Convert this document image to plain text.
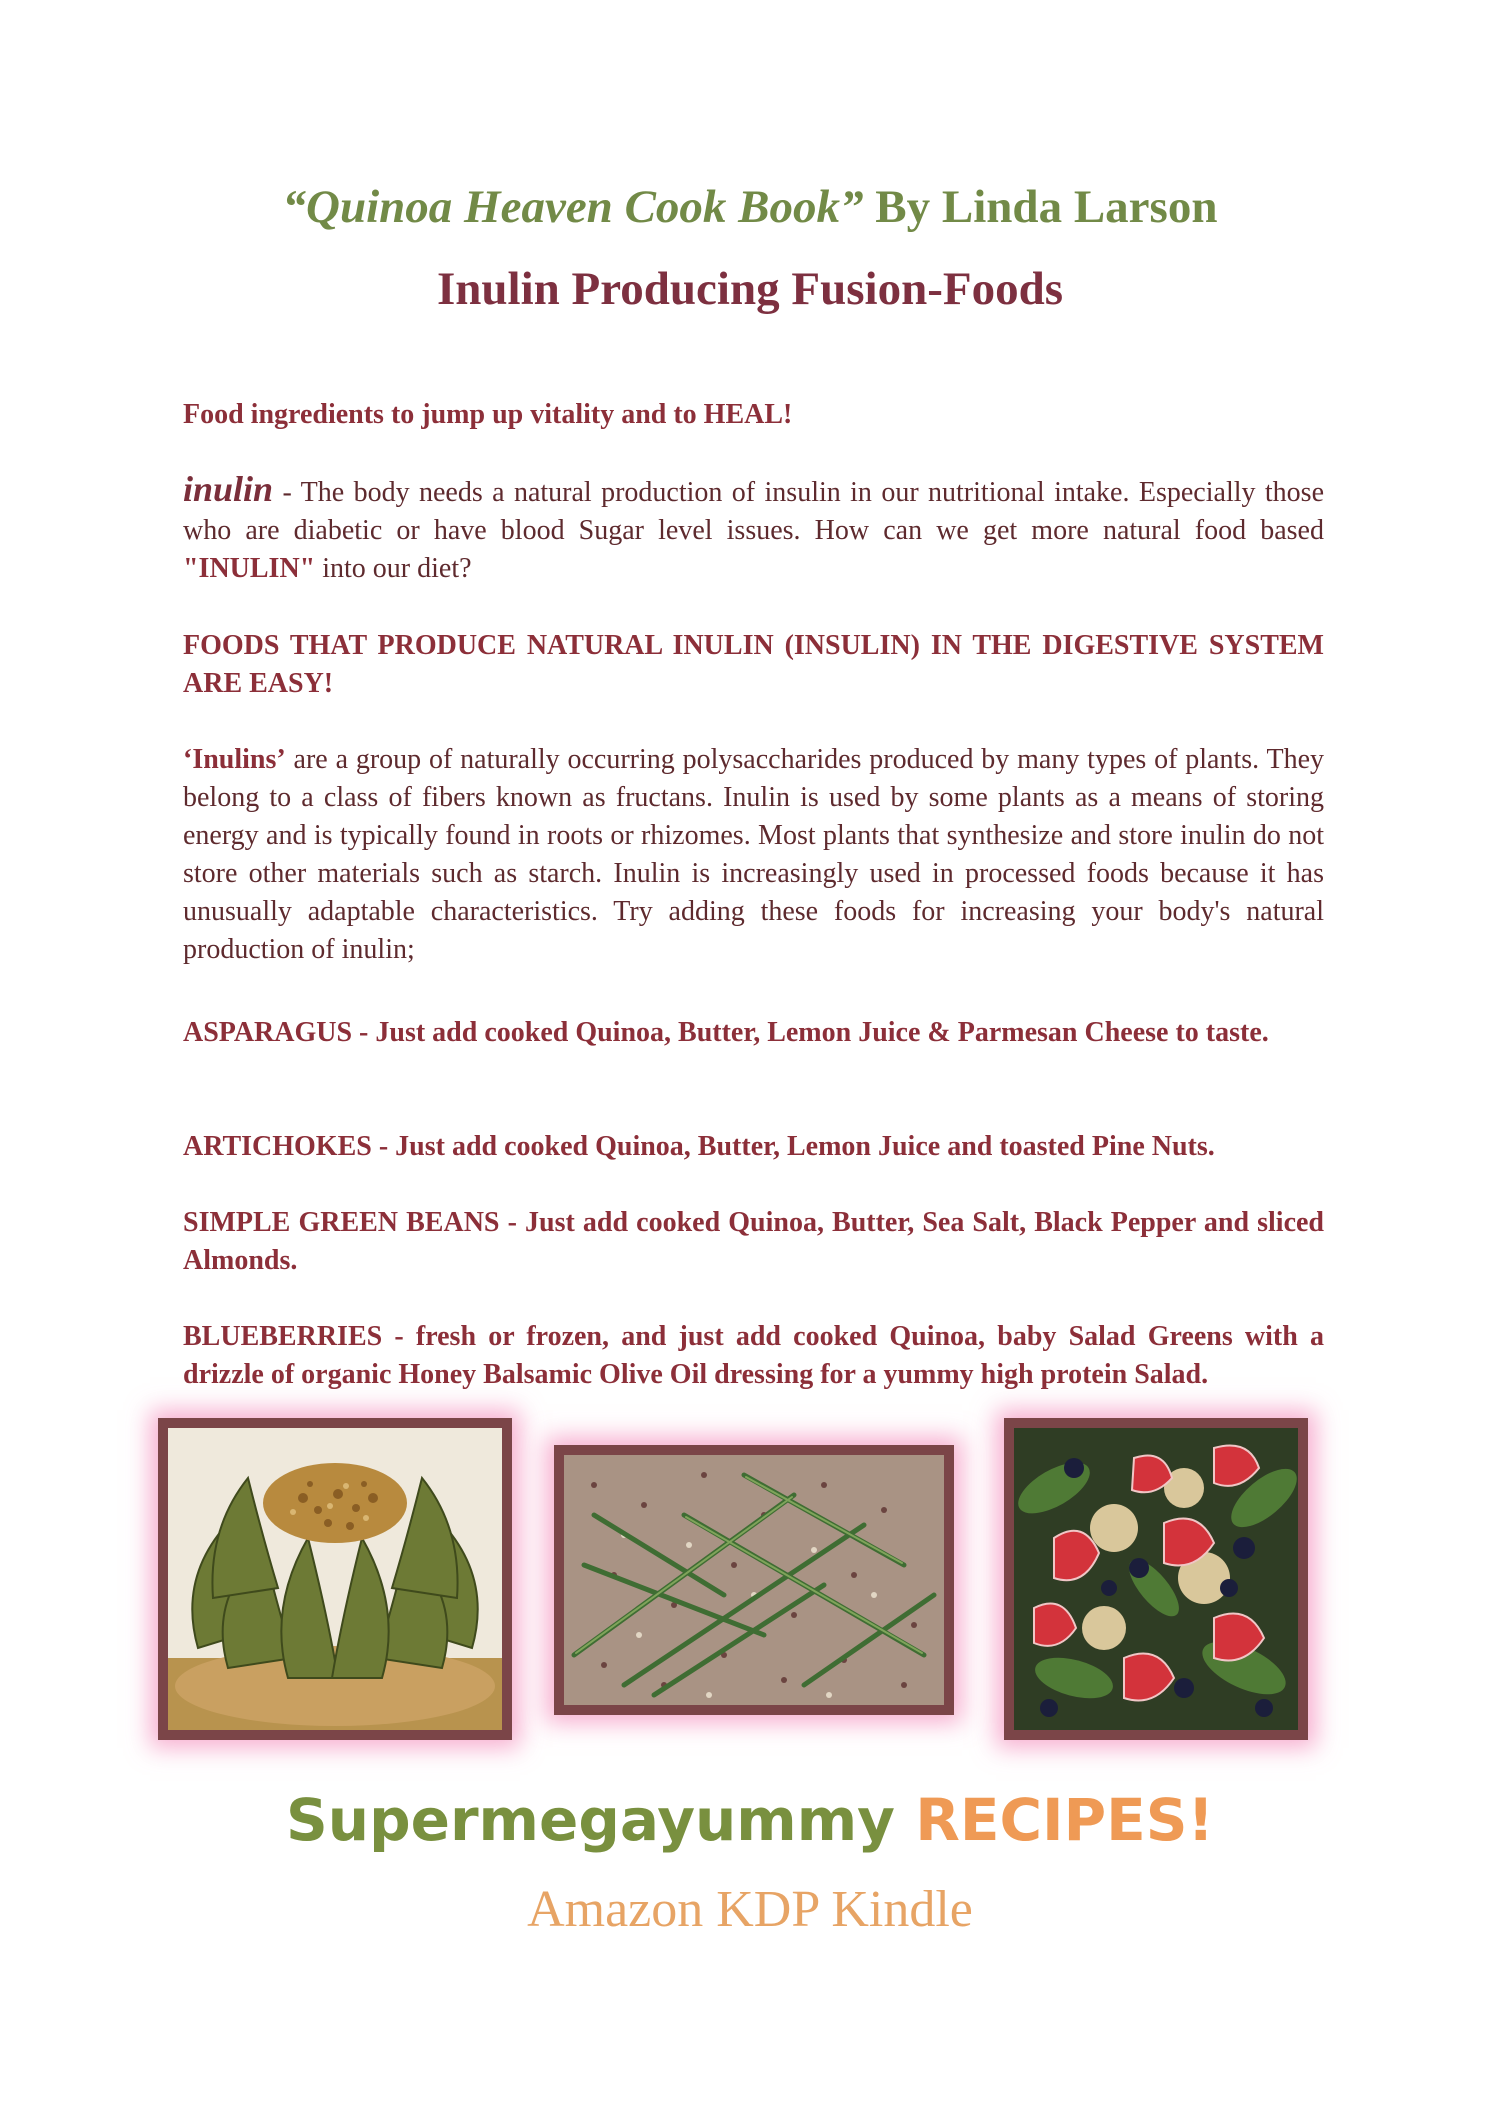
“Quinoa Heaven Cook Book” By Linda Larson

Inulin Producing Fusion-Foods

Food ingredients to jump up vitality and to HEAL!

inulin - The body needs a natural production of insulin in our nutritional intake. Especially those who are diabetic or have blood Sugar level issues. How can we get more natural food based "INULIN" into our diet?

FOODS THAT PRODUCE NATURAL INULIN (INSULIN) IN THE DIGESTIVE SYSTEM ARE EASY!

‘Inulins’ are a group of naturally occurring polysaccharides produced by many types of plants. They belong to a class of fibers known as fructans. Inulin is used by some plants as a means of storing energy and is typically found in roots or rhizomes. Most plants that synthesize and store inulin do not store other materials such as starch. Inulin is increasingly used in processed foods because it has unusually adaptable characteristics. Try adding these foods for increasing your body's natural production of inulin;

ASPARAGUS - Just add cooked Quinoa, Butter, Lemon Juice & Parmesan Cheese to taste.

ARTICHOKES - Just add cooked Quinoa, Butter, Lemon Juice and toasted Pine Nuts.

SIMPLE GREEN BEANS - Just add cooked Quinoa, Butter, Sea Salt, Black Pepper and sliced Almonds.

BLUEBERRIES - fresh or frozen, and just add cooked Quinoa, baby Salad Greens with a drizzle of organic Honey Balsamic Olive Oil dressing for a yummy high protein Salad.

Supermegayummy RECIPES!

Amazon KDP Kindle
